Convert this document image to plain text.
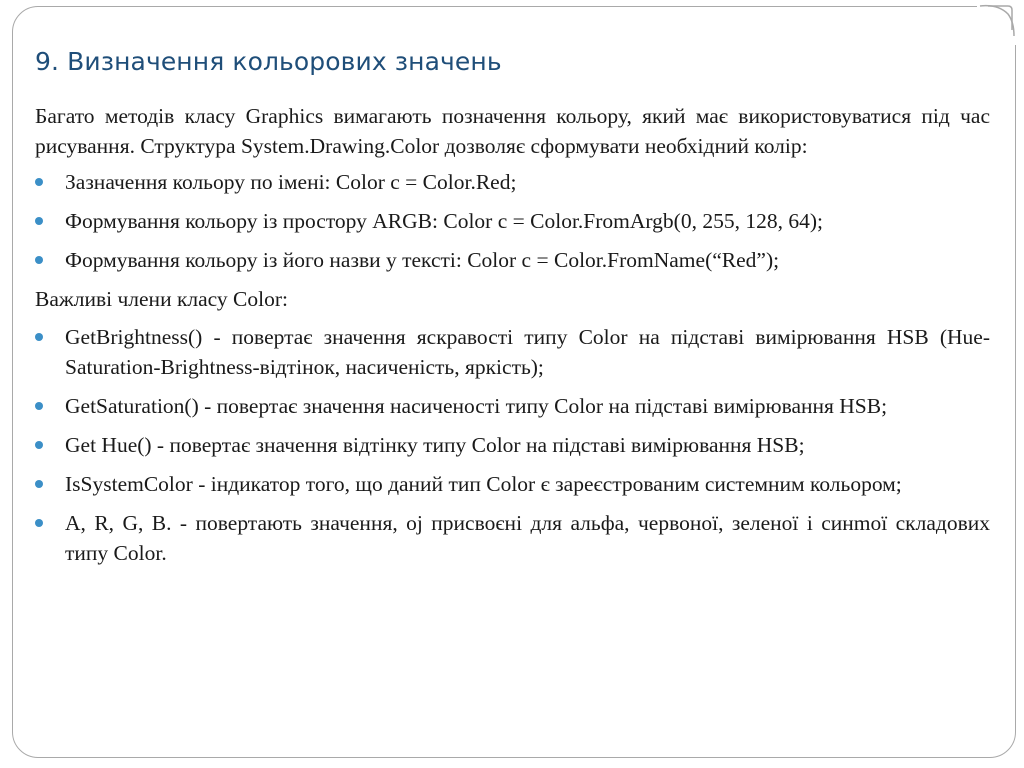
9. Визначення кольорових значень

Багато методів класу Graphics вимагають позначення кольору, який має використовуватися під час рисування. Структура System.Drawing.Color дозволяє сформувати необхідний колір:

Зазначення кольору по імені: Color c = Color.Red;
Формування кольору із простору ARGB: Color c = Color.FromArgb(0, 255, 128, 64);
Формування кольору із його назви у тексті: Color c = Color.FromName(“Red”);

Важливі члени класу Color:

GetBrightness() - повертає значення яскравості типу Color на підставі вимірювання HSB (Hue-Saturation-Brightness-відтінок, насиченість, яркість);
GetSaturation() - повертає значення насиченості типу Color на підставі вимірювання HSB;
Get Hue() - повертає значення відтінку типу Color на підставі вимірювання HSB;
IsSystemColor - індикатор того, що даний тип Color є зареєстрованим системним кольором;
A, R, G, B. - повертають значення, oj присвоєні для альфа, червоної, зеленої і синmої складових типу Color.
